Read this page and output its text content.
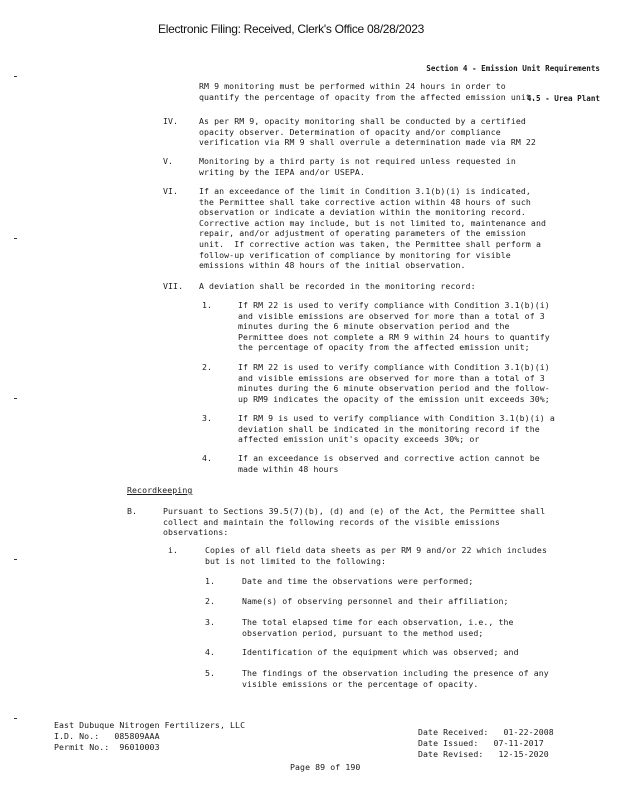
Electronic Filing: Received, Clerk's Office 08/28/2023

Section 4 - Emission Unit Requirements

4.5 - Urea Plant

RM 9 monitoring must be performed within 24 hours in order to
quantify the percentage of opacity from the affected emission unit.
IV.	As per RM 9, opacity monitoring shall be conducted by a certified
opacity observer. Determination of opacity and/or compliance
verification via RM 9 shall overrule a determination made via RM 22
V.	Monitoring by a third party is not required unless requested in
writing by the IEPA and/or USEPA.
VI.	If an exceedance of the limit in Condition 3.1(b)(i) is indicated,
the Permittee shall take corrective action within 48 hours of such
observation or indicate a deviation within the monitoring record.
Corrective action may include, but is not limited to, maintenance and
repair, and/or adjustment of operating parameters of the emission
unit.  If corrective action was taken, the Permittee shall perform a
follow-up verification of compliance by monitoring for visible
emissions within 48 hours of the initial observation.
VII. A deviation shall be recorded in the monitoring record:
1.	If RM 22 is used to verify compliance with Condition 3.1(b)(i)
and visible emissions are observed for more than a total of 3
minutes during the 6 minute observation period and the
Permittee does not complete a RM 9 within 24 hours to quantify
the percentage of opacity from the affected emission unit;
2.	If RM 22 is used to verify compliance with Condition 3.1(b)(i)
and visible emissions are observed for more than a total of 3
minutes during the 6 minute observation period and the follow-
up RM9 indicates the opacity of the emission unit exceeds 30%;
3.	If RM 9 is used to verify compliance with Condition 3.1(b)(i) a
deviation shall be indicated in the monitoring record if the
affected emission unit's opacity exceeds 30%; or
4.	If an exceedance is observed and corrective action cannot be
made within 48 hours
Recordkeeping
B.	Pursuant to Sections 39.5(7)(b), (d) and (e) of the Act, the Permittee shall
collect and maintain the following records of the visible emissions
observations:
i.	Copies of all field data sheets as per RM 9 and/or 22 which includes
but is not limited to the following:
1.	Date and time the observations were performed;
2.	Name(s) of observing personnel and their affiliation;
3.	The total elapsed time for each observation, i.e., the
observation period, pursuant to the method used;
4.	Identification of the equipment which was observed; and
5.	The findings of the observation including the presence of any
visible emissions or the percentage of opacity.
East Dubuque Nitrogen Fertilizers, LLC
I.D. No.:   085809AAA
Permit No.:  96010003
Date Received:   01-22-2008
Date Issued:   07-11-2017
Date Revised:   12-15-2020
Page 89 of 190
